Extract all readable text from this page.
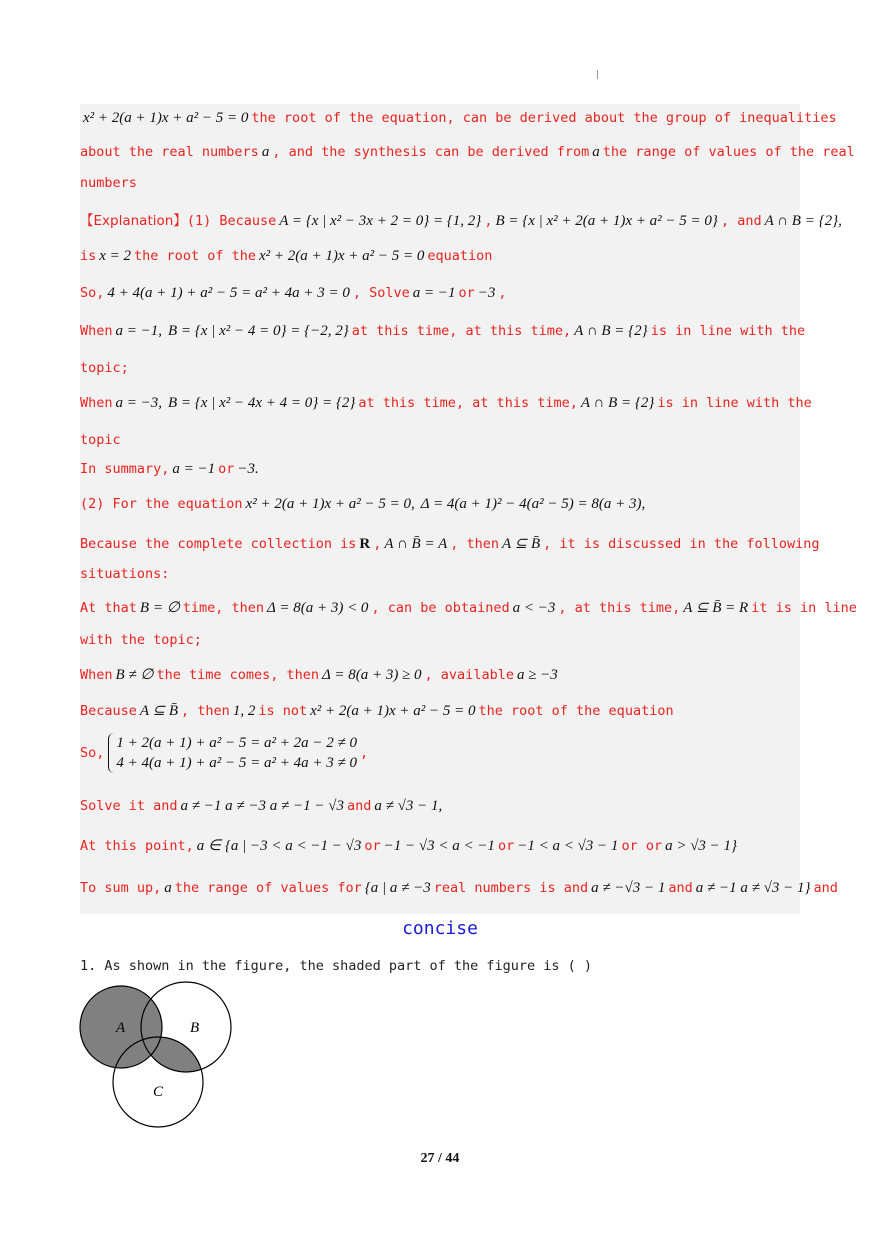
x² + 2(a + 1)x + a² − 5 = 0 the root of the equation, can be derived about the group of inequalities
about the real numbers a , and the synthesis can be derived from a the range of values of the real
numbers
【Explanation】(1) Because A = {x | x² − 3x + 2 = 0} = {1, 2} , B = {x | x² + 2(a + 1)x + a² − 5 = 0} , and A ∩ B = {2},
is x = 2 the root of the x² + 2(a + 1)x + a² − 5 = 0 equation
So, 4 + 4(a + 1) + a² − 5 = a² + 4a + 3 = 0 , Solve a = −1 or −3 ,
When a = −1, B = {x | x² − 4 = 0} = {−2, 2} at this time, at this time, A ∩ B = {2} is in line with the
topic;
When a = −3, B = {x | x² − 4x + 4 = 0} = {2} at this time, at this time, A ∩ B = {2} is in line with the
topic
In summary, a = −1 or −3.
(2) For the equation x² + 2(a + 1)x + a² − 5 = 0, Δ = 4(a + 1)² − 4(a² − 5) = 8(a + 3),
Because the complete collection is R , A ∩ B̄ = A , then A ⊆ B̄ , it is discussed in the following
situations:
At that B = ∅ time, then Δ = 8(a + 3) < 0 , can be obtained a < −3 , at this time, A ⊆ B̄ = R it is in line
with the topic;
When B ≠ ∅ the time comes, then Δ = 8(a + 3) ≥ 0 , available a ≥ −3
Because A ⊆ B̄ , then 1, 2 is not x² + 2(a + 1)x + a² − 5 = 0 the root of the equation
So,
1 + 2(a + 1) + a² − 5 = a² + 2a − 2 ≠ 0
4 + 4(a + 1) + a² − 5 = a² + 4a + 3 ≠ 0
,
Solve it and a ≠ −1 a ≠ −3 a ≠ −1 − √3 and a ≠ √3 − 1,
At this point, a ∈ {a | −3 < a < −1 − √3 or −1 − √3 < a < −1 or −1 < a < √3 − 1 or or a > √3 − 1}
To sum up, a the range of values for {a | a ≠ −3 real numbers is and a ≠ −√3 − 1 and a ≠ −1 a ≠ √3 − 1} and
concise
1. As shown in the figure, the shaded part of the figure is ( )
A	B
C
27 / 44
